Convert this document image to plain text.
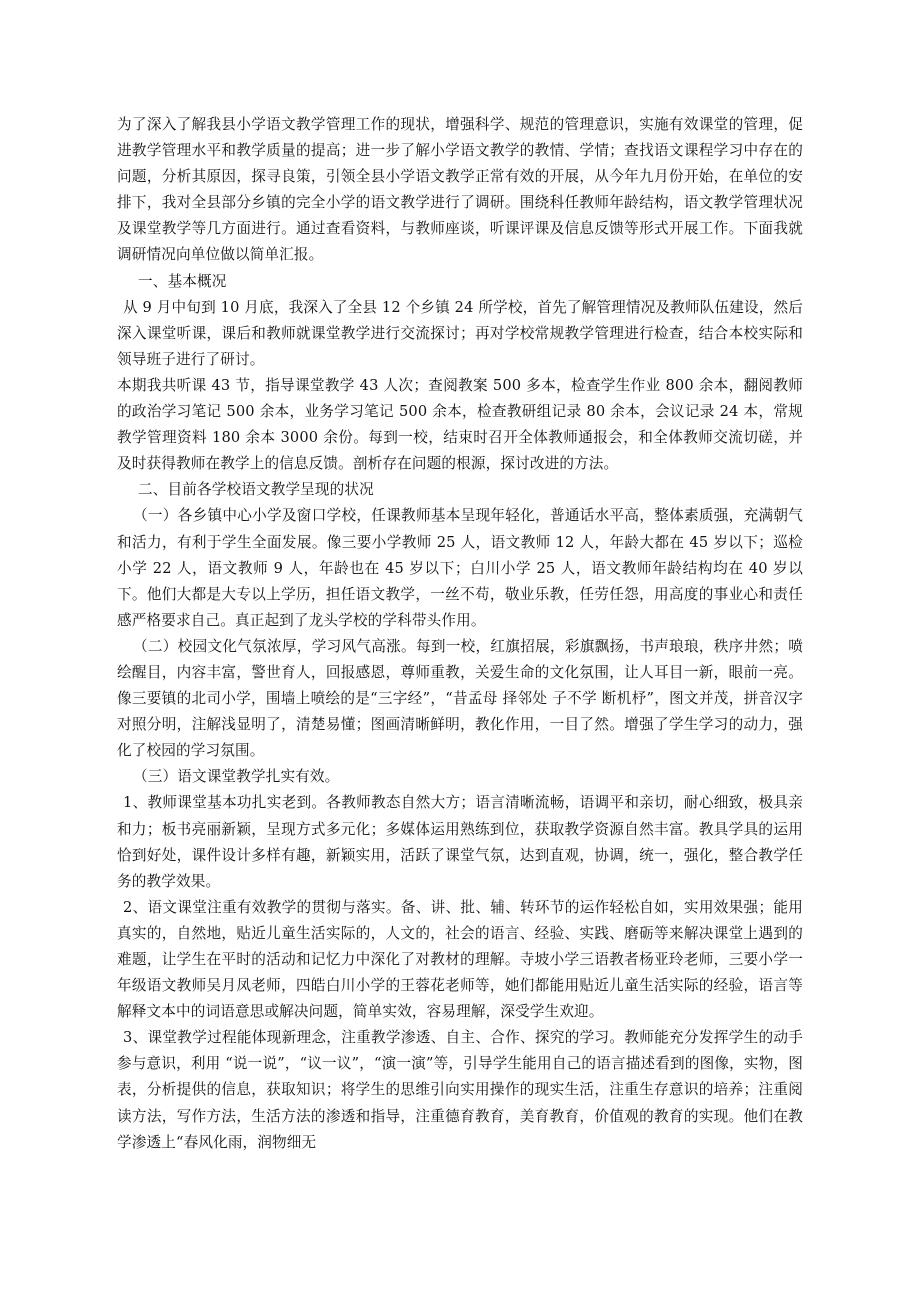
为了深入了解我县小学语文教学管理工作的现状，增强科学、规范的管理意识，实施有效课堂的管理，促进教学管理水平和教学质量的提高；进一步了解小学语文教学的教情、学情；查找语文课程学习中存在的问题，分析其原因，探寻良策，引领全县小学语文教学正常有效的开展，从今年九月份开始，在单位的安排下，我对全县部分乡镇的完全小学的语文教学进行了调研。围绕科任教师年龄结构，语文教学管理状况及课堂教学等几方面进行。通过查看资料，与教师座谈，听课评课及信息反馈等形式开展工作。下面我就调研情况向单位做以简单汇报。

一、基本概况

从 9 月中旬到 10 月底，我深入了全县 12 个乡镇 24 所学校，首先了解管理情况及教师队伍建设，然后深入课堂听课，课后和教师就课堂教学进行交流探讨；再对学校常规教学管理进行检查，结合本校实际和领导班子进行了研讨。

本期我共听课 43 节，指导课堂教学 43 人次；查阅教案 500 多本，检查学生作业 800 余本，翻阅教师的政治学习笔记 500 余本，业务学习笔记 500 余本，检查教研组记录 80 余本，会议记录 24 本，常规教学管理资料 180 余本 3000 余份。每到一校，结束时召开全体教师通报会，和全体教师交流切磋，并及时获得教师在教学上的信息反馈。剖析存在问题的根源，探讨改进的方法。

二、目前各学校语文教学呈现的状况

（一）各乡镇中心小学及窗口学校，任课教师基本呈现年轻化，普通话水平高，整体素质强，充满朝气和活力，有利于学生全面发展。像三要小学教师 25 人，语文教师 12 人，年龄大都在 45 岁以下；巡检小学 22 人，语文教师 9 人，年龄也在 45 岁以下；白川小学 25 人，语文教师年龄结构均在 40 岁以下。他们大都是大专以上学历，担任语文教学，一丝不苟，敬业乐教，任劳任怨，用高度的事业心和责任感严格要求自己。真正起到了龙头学校的学科带头作用。

（二）校园文化气氛浓厚，学习风气高涨。每到一校，红旗招展，彩旗飘扬，书声琅琅，秩序井然；喷绘醒目，内容丰富，警世育人，回报感恩，尊师重教，关爱生命的文化氛围，让人耳目一新，眼前一亮。像三要镇的北司小学，围墙上喷绘的是“三字经”，“昔孟母 择邻处 子不学 断机杼”，图文并茂，拼音汉字对照分明，注解浅显明了，清楚易懂；图画清晰鲜明，教化作用，一目了然。增强了学生学习的动力，强化了校园的学习氛围。

（三）语文课堂教学扎实有效。

1、教师课堂基本功扎实老到。各教师教态自然大方；语言清晰流畅，语调平和亲切，耐心细致，极具亲和力；板书亮丽新颖，呈现方式多元化；多媒体运用熟练到位，获取教学资源自然丰富。教具学具的运用恰到好处，课件设计多样有趣，新颖实用，活跃了课堂气氛，达到直观，协调，统一，强化，整合教学任务的教学效果。

2、语文课堂注重有效教学的贯彻与落实。备、讲、批、辅、转环节的运作轻松自如，实用效果强；能用真实的，自然地，贴近儿童生活实际的，人文的，社会的语言、经验、实践、磨砺等来解决课堂上遇到的难题，让学生在平时的活动和记忆力中深化了对教材的理解。寺坡小学三语教者杨亚玲老师，三要小学一年级语文教师吴月凤老师，四皓白川小学的王蓉花老师等，她们都能用贴近儿童生活实际的经验，语言等解释文本中的词语意思或解决问题，简单实效，容易理解，深受学生欢迎。

3、课堂教学过程能体现新理念，注重教学渗透、自主、合作、探究的学习。教师能充分发挥学生的动手参与意识，利用 “说一说”，“议一议”，“演一演”等，引导学生能用自己的语言描述看到的图像，实物，图表，分析提供的信息，获取知识；将学生的思维引向实用操作的现实生活，注重生存意识的培养；注重阅读方法，写作方法，生活方法的渗透和指导，注重德育教育，美育教育，价值观的教育的实现。他们在教学渗透上“春风化雨，润物细无
